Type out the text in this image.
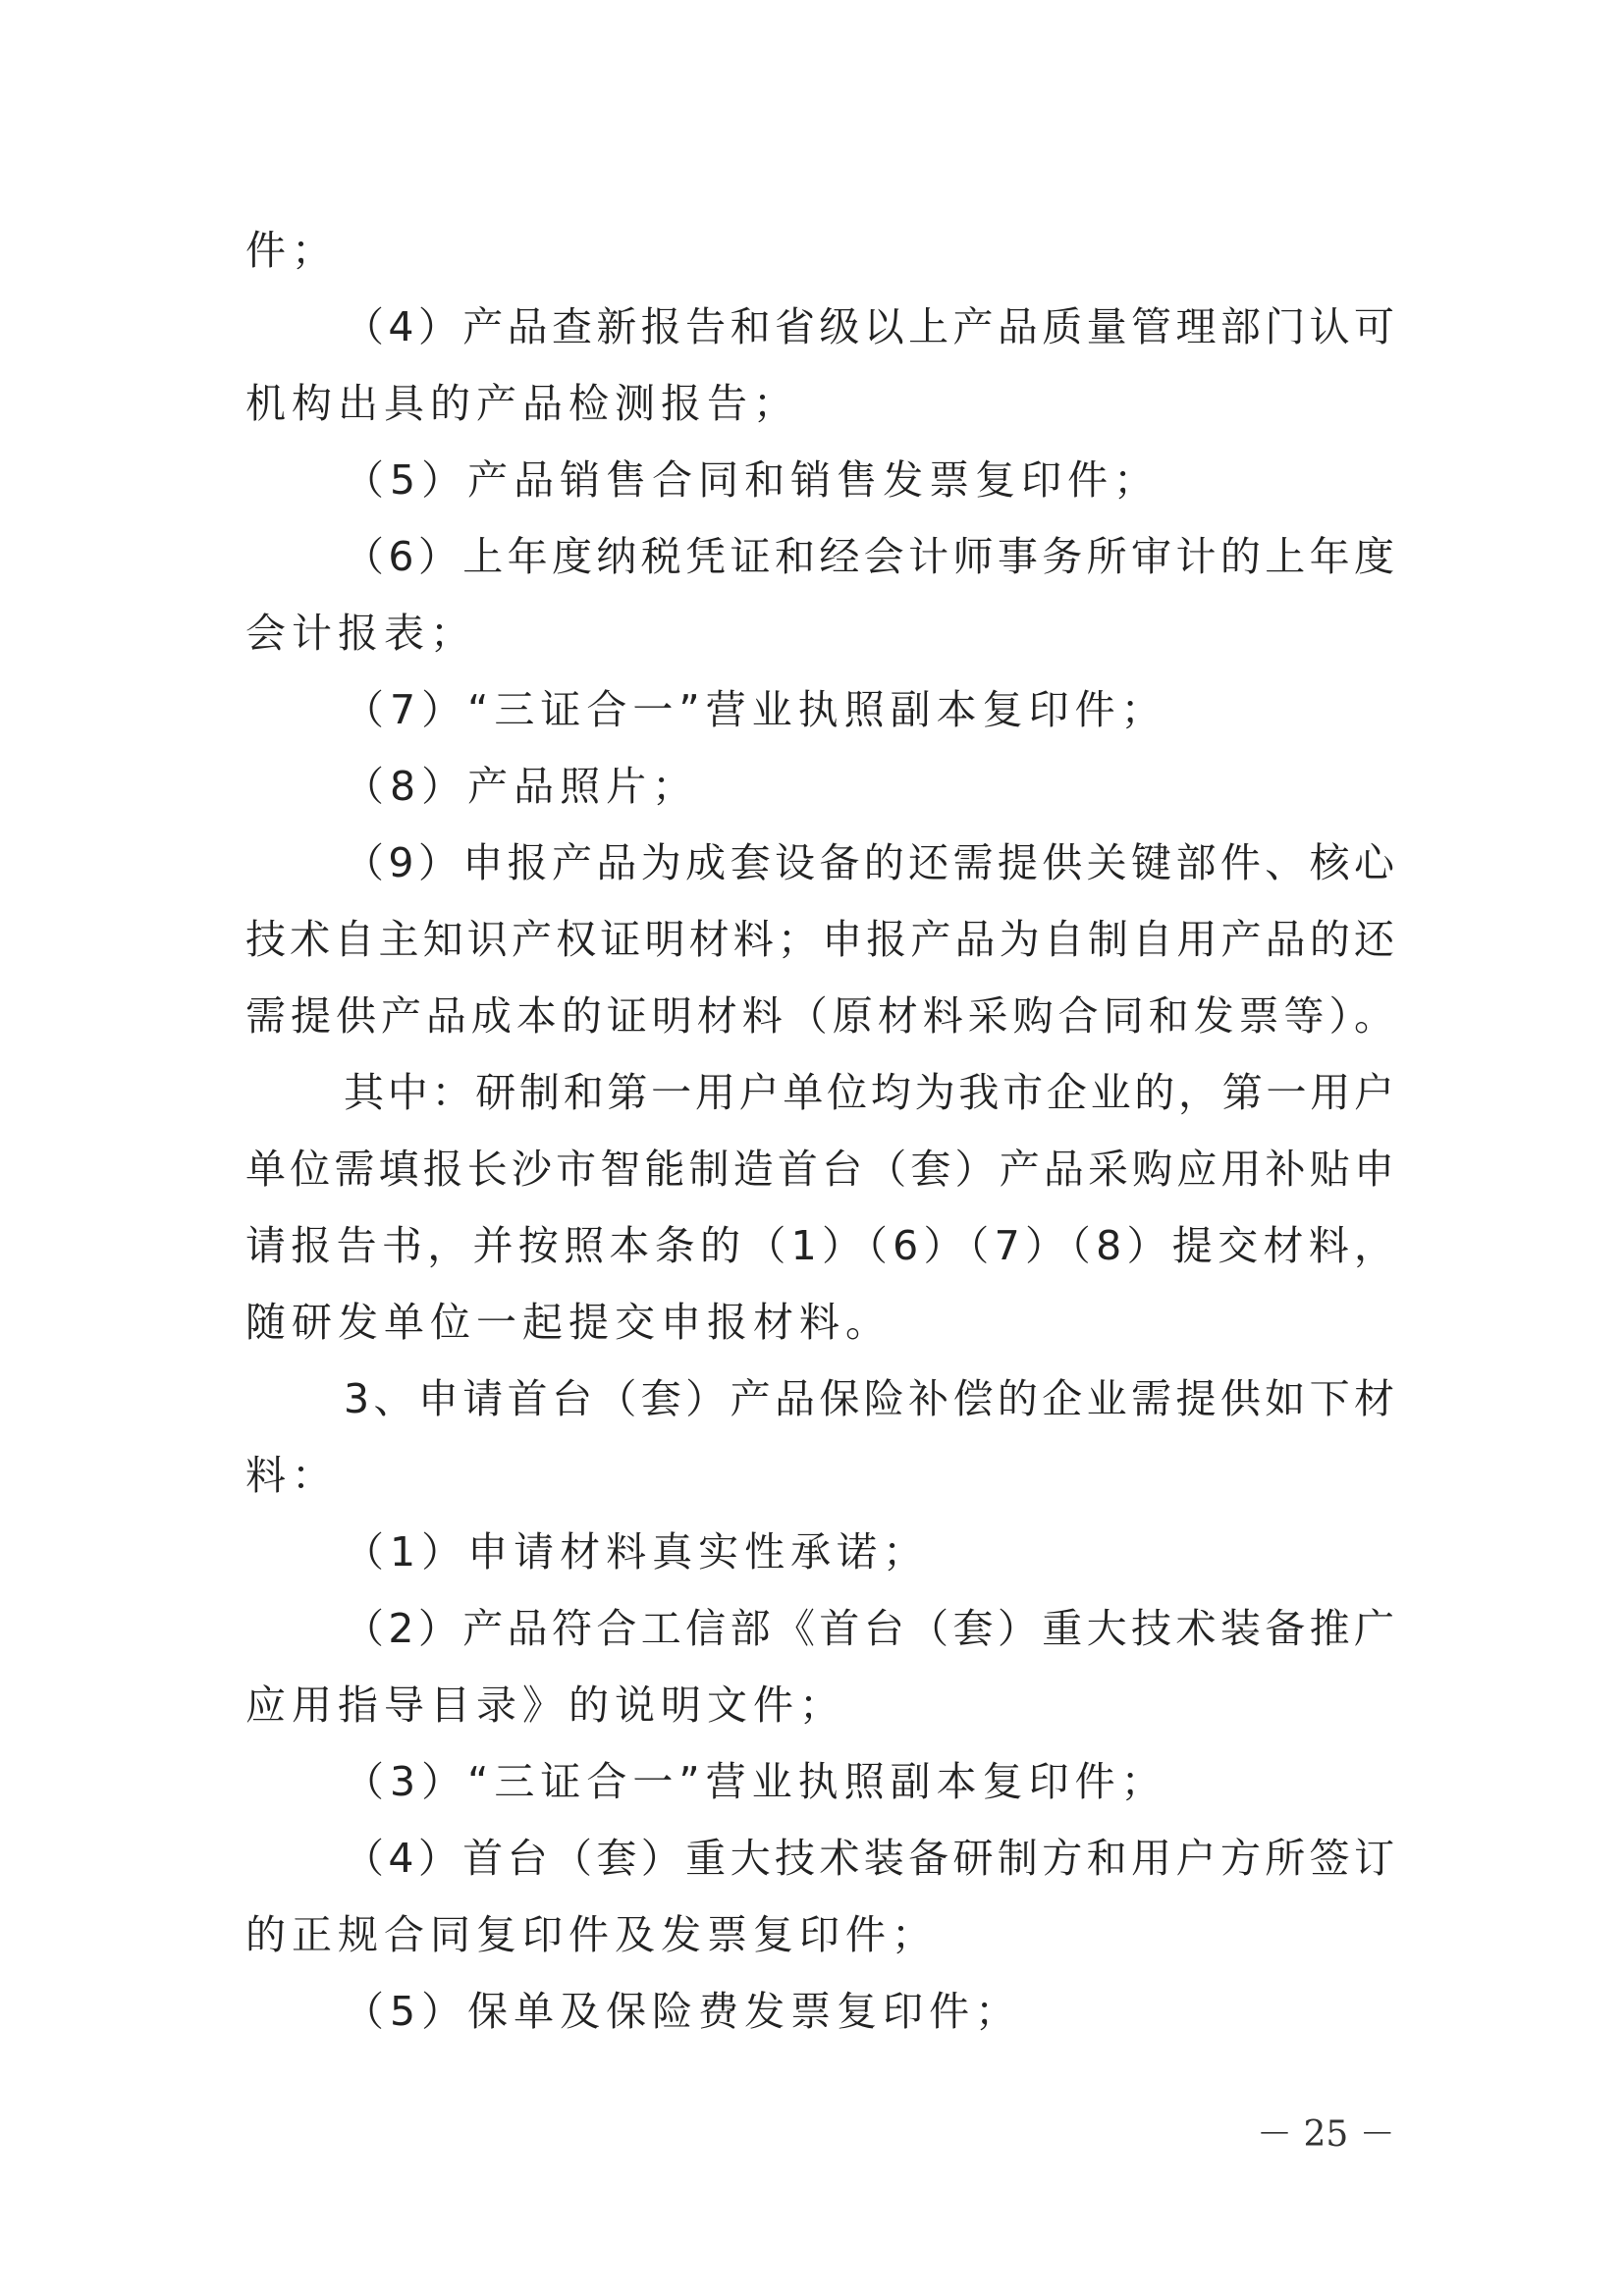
件；
（4）产品查新报告和省级以上产品质量管理部门认可
机构出具的产品检测报告；
（5）产品销售合同和销售发票复印件；
（6）上年度纳税凭证和经会计师事务所审计的上年度
会计报表；
（7）“三证合一”营业执照副本复印件；
（8）产品照片；
（9）申报产品为成套设备的还需提供关键部件、核心
技术自主知识产权证明材料；申报产品为自制自用产品的还
需提供产品成本的证明材料（原材料采购合同和发票等）。
其中：研制和第一用户单位均为我市企业的，第一用户
单位需填报长沙市智能制造首台（套）产品采购应用补贴申
请报告书，并按照本条的（1）（6）（7）（8）提交材料，
随研发单位一起提交申报材料。
3、申请首台（套）产品保险补偿的企业需提供如下材
料：
（1）申请材料真实性承诺；
（2）产品符合工信部《首台（套）重大技术装备推广
应用指导目录》的说明文件；
（3）“三证合一”营业执照副本复印件；
（4）首台（套）重大技术装备研制方和用户方所签订
的正规合同复印件及发票复印件；
（5）保单及保险费发票复印件；
－ 25 －
